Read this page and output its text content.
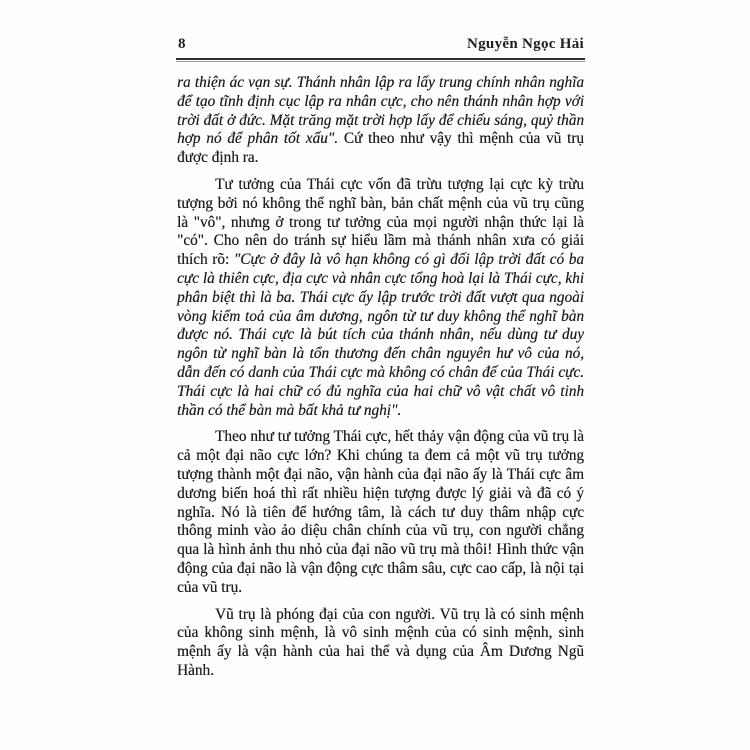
8	Nguyễn Ngọc Hải

ra thiện ác vạn sự. Thánh nhân lập ra lấy trung chính nhân nghĩa để tạo tĩnh định cục lập ra nhân cực, cho nên thánh nhân hợp với trời đất ở đức. Mặt trăng mặt trời hợp lấy để chiếu sáng, quỷ thần hợp nó để phân tốt xấu". Cứ theo như vậy thì mệnh của vũ trụ được định ra.

Tư tưởng của Thái cực vốn đã trừu tượng lại cực kỳ trừu tượng bởi nó không thể nghĩ bàn, bản chất mệnh của vũ trụ cũng là "vô", nhưng ở trong tư tưởng của mọi người nhận thức lại là "có". Cho nên do tránh sự hiểu lầm mà thánh nhân xưa có giải thích rõ: "Cực ở đây là vô hạn không có gì đối lập trời đất có ba cực là thiên cực, địa cực và nhân cực tổng hoà lại là Thái cực, khi phân biệt thì là ba. Thái cực ấy lập trước trời đất vượt qua ngoài vòng kiểm toả của âm dương, ngôn từ tư duy không thể nghĩ bàn được nó. Thái cực là bút tích của thánh nhân, nếu dùng tư duy ngôn từ nghĩ bàn là tổn thương đến chân nguyên hư vô của nó, dẫn đến có danh của Thái cực mà không có chân đế của Thái cực. Thái cực là hai chữ có đủ nghĩa của hai chữ vô vật chất vô tinh thần có thể bàn mà bất khả tư nghị".

Theo như tư tưởng Thái cực, hết thảy vận động của vũ trụ là cả một đại não cực lớn? Khi chúng ta đem cả một vũ trụ tưởng tượng thành một đại não, vận hành của đại não ấy là Thái cực âm dương biến hoá thì rất nhiều hiện tượng được lý giải và đã có ý nghĩa. Nó là tiên để hướng tâm, là cách tư duy thâm nhập cực thông minh vào ảo diệu chân chính của vũ trụ, con người chẳng qua là hình ảnh thu nhỏ của đại não vũ trụ mà thôi! Hình thức vận động của đại não là vận động cực thâm sâu, cực cao cấp, là nội tại của vũ trụ.

Vũ trụ là phóng đại của con người. Vũ trụ là có sinh mệnh của không sinh mệnh, là vô sinh mệnh của có sinh mệnh, sinh mệnh ấy là vận hành của hai thể và dụng của Âm Dương Ngũ Hành.
